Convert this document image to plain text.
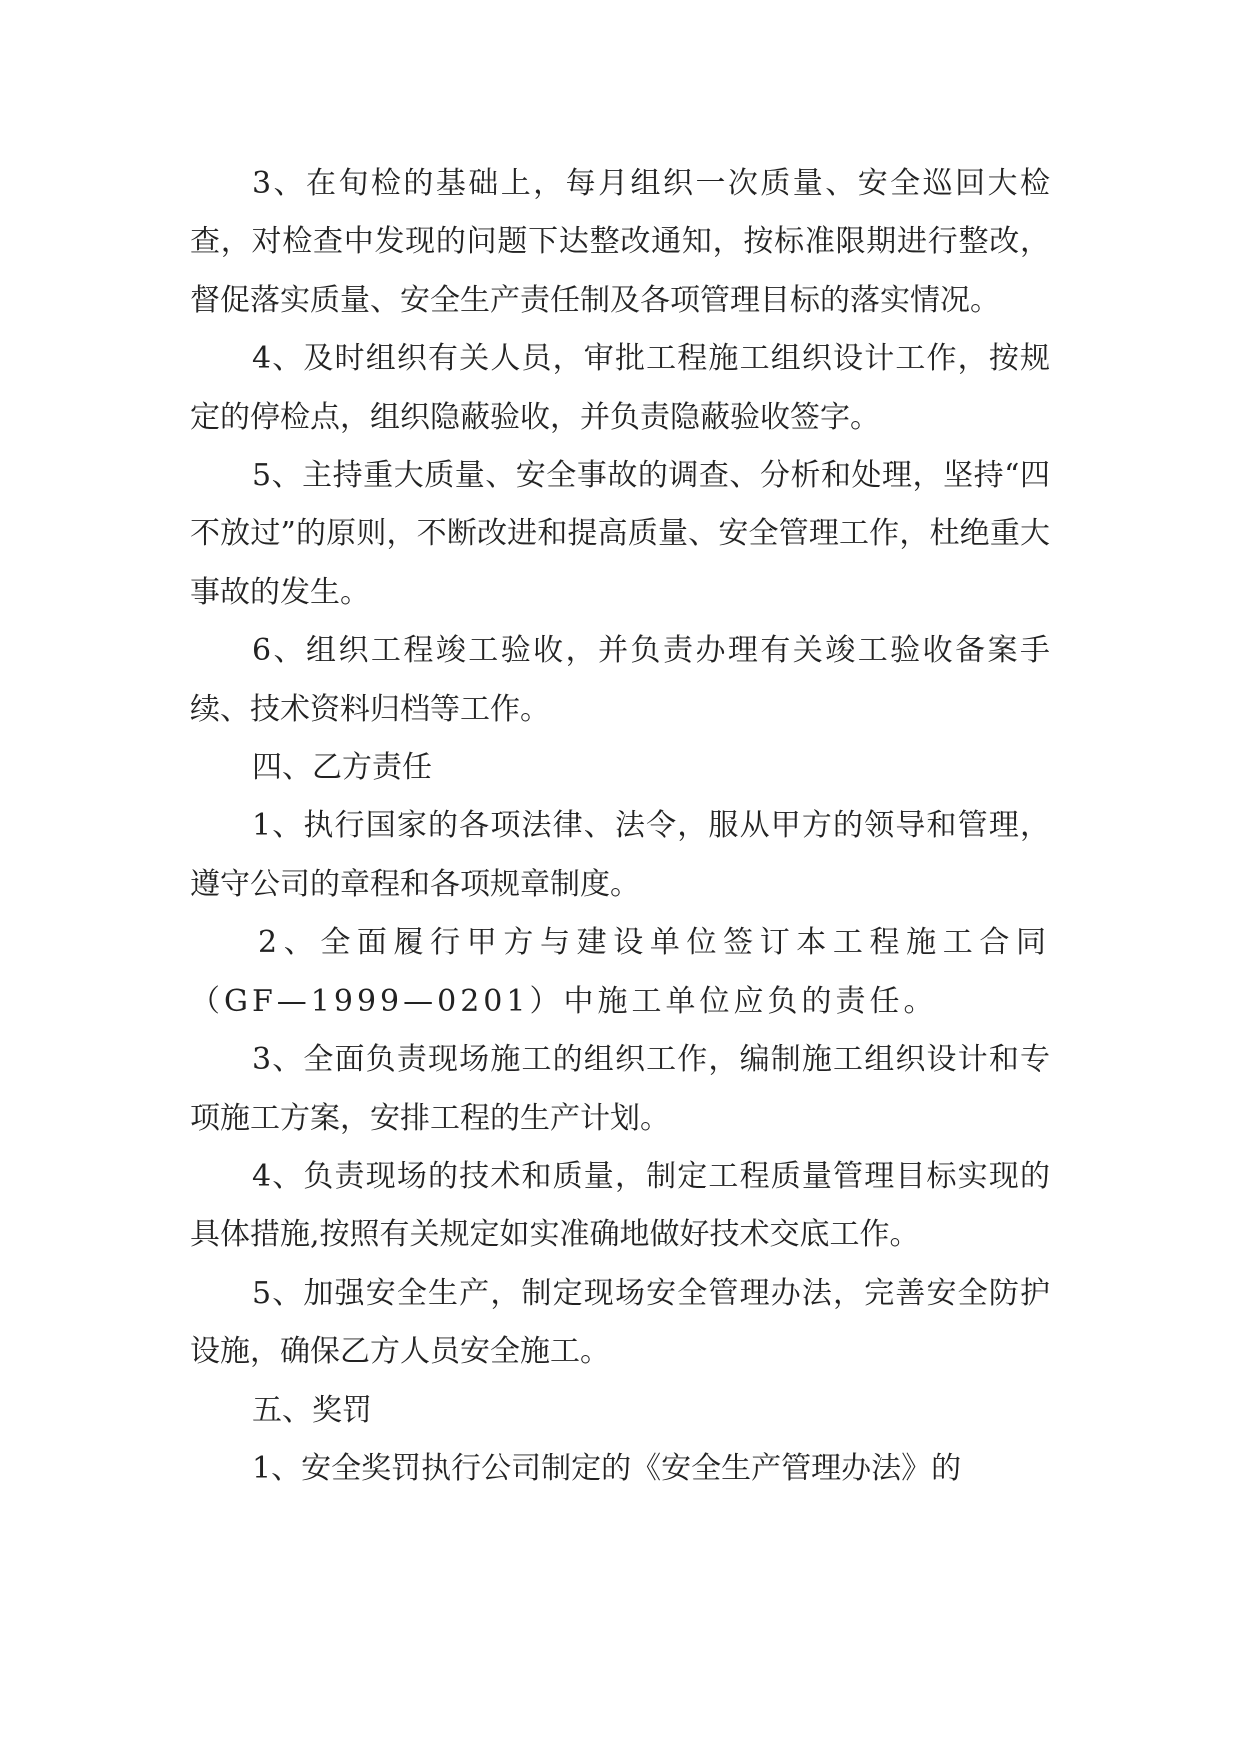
3、在旬检的基础上，每月组织一次质量、安全巡回大检查，对检查中发现的问题下达整改通知，按标准限期进行整改，督促落实质量、安全生产责任制及各项管理目标的落实情况。

4、及时组织有关人员，审批工程施工组织设计工作，按规定的停检点，组织隐蔽验收，并负责隐蔽验收签字。

5、主持重大质量、安全事故的调查、分析和处理，坚持“四不放过”的原则，不断改进和提高质量、安全管理工作，杜绝重大事故的发生。

6、组织工程竣工验收，并负责办理有关竣工验收备案手续、技术资料归档等工作。

四、乙方责任

1、执行国家的各项法律、法令，服从甲方的领导和管理，遵守公司的章程和各项规章制度。

2、全面履行甲方与建设单位签订本工程施工合同（GF—1999—0201）中施工单位应负的责任。

3、全面负责现场施工的组织工作，编制施工组织设计和专项施工方案，安排工程的生产计划。

4、负责现场的技术和质量，制定工程质量管理目标实现的具体措施,按照有关规定如实准确地做好技术交底工作。

5、加强安全生产，制定现场安全管理办法，完善安全防护设施，确保乙方人员安全施工。

五、奖罚

1、安全奖罚执行公司制定的《安全生产管理办法》的
